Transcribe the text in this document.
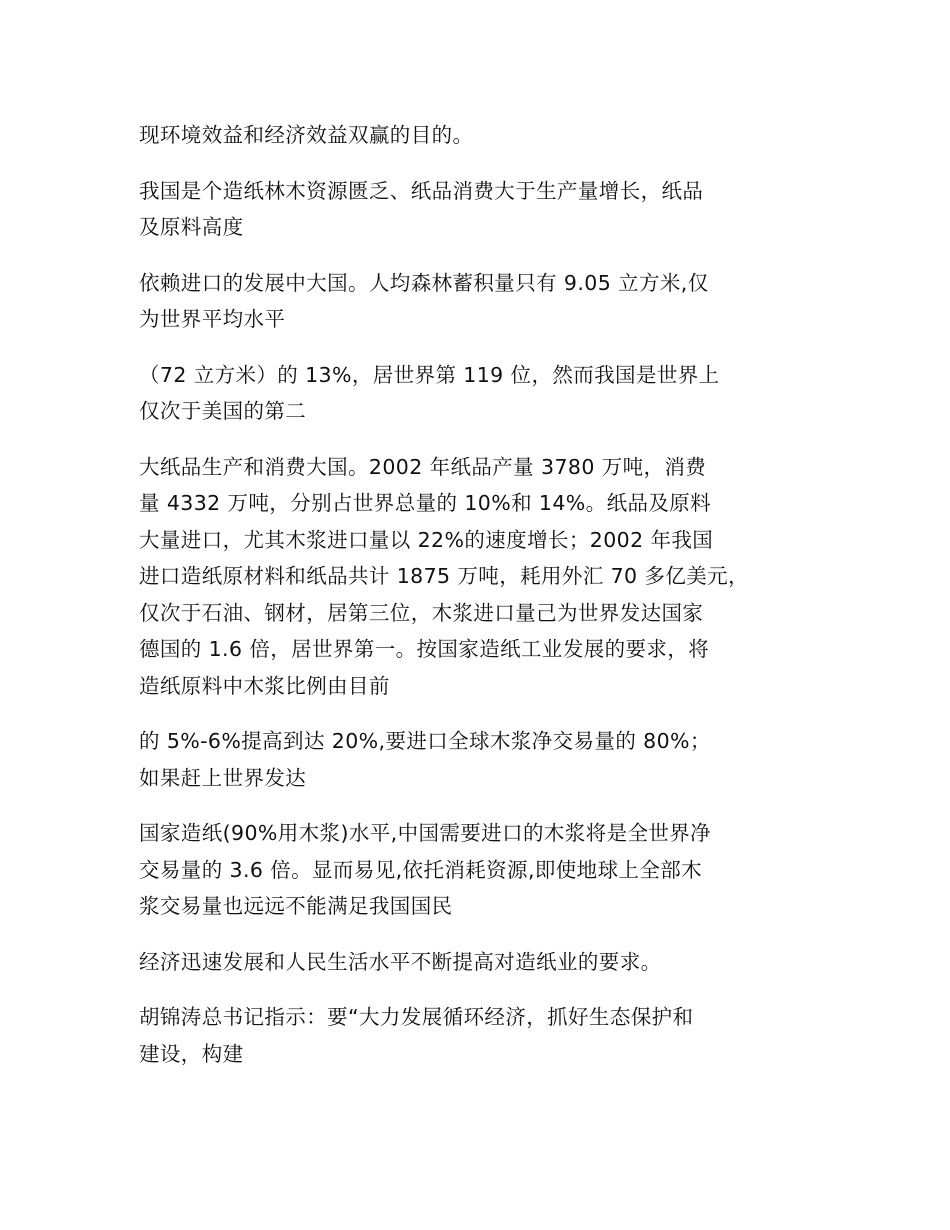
现环境效益和经济效益双赢的目的。

我国是个造纸林木资源匮乏、纸品消费大于生产量增长，纸品
及原料高度

依赖进口的发展中大国。人均森林蓄积量只有 9.05 立方米,仅
为世界平均水平

（72 立方米）的 13%，居世界第 119 位，然而我国是世界上
仅次于美国的第二

大纸品生产和消费大国。2002 年纸品产量 3780 万吨，消费
量 4332 万吨，分别占世界总量的 10%和 14%。纸品及原料
大量进口，尤其木浆进口量以 22%的速度增长；2002 年我国
进口造纸原材料和纸品共计 1875 万吨，耗用外汇 70 多亿美元，
仅次于石油、钢材，居第三位，木浆进口量己为世界发达国家
德国的 1.6 倍，居世界第一。按国家造纸工业发展的要求，将
造纸原料中木浆比例由目前

的 5%-6%提高到达 20%,要进口全球木浆净交易量的 80%；
如果赶上世界发达

国家造纸(90%用木浆)水平,中国需要进口的木浆将是全世界净
交易量的 3.6 倍。显而易见,依托消耗资源,即使地球上全部木
浆交易量也远远不能满足我国国民

经济迅速发展和人民生活水平不断提高对造纸业的要求。

胡锦涛总书记指示：要“大力发展循环经济，抓好生态保护和
建设，构建
